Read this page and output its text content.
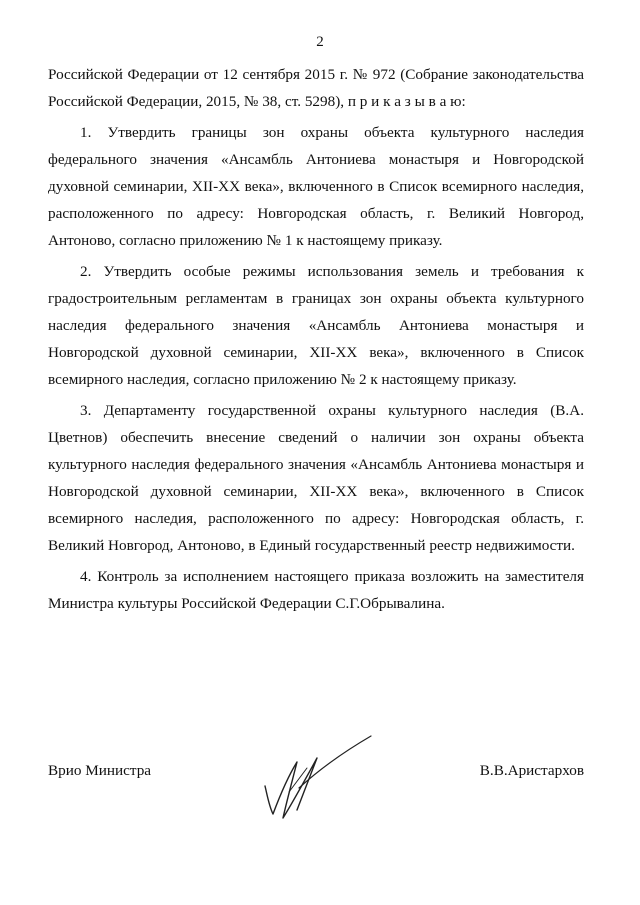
2

Российской Федерации от 12 сентября 2015 г. № 972 (Собрание законодательства Российской Федерации, 2015, № 38, ст. 5298), п р и к а з ы в а ю:

1. Утвердить границы зон охраны объекта культурного наследия федерального значения «Ансамбль Антониева монастыря и Новгородской духовной семинарии, XII-XX века», включенного в Список всемирного наследия, расположенного по адресу: Новгородская область, г. Великий Новгород, Антоново, согласно приложению № 1 к настоящему приказу.

2. Утвердить особые режимы использования земель и требования к градостроительным регламентам в границах зон охраны объекта культурного наследия федерального значения «Ансамбль Антониева монастыря и Новгородской духовной семинарии, XII-XX века», включенного в Список всемирного наследия, согласно приложению № 2 к настоящему приказу.

3. Департаменту государственной охраны культурного наследия (В.А. Цветнов) обеспечить внесение сведений о наличии зон охраны объекта культурного наследия федерального значения «Ансамбль Антониева монастыря и Новгородской духовной семинарии, XII-XX века», включенного в Список всемирного наследия, расположенного по адресу: Новгородская область, г. Великий Новгород, Антоново, в Единый государственный реестр недвижимости.

4. Контроль за исполнением настоящего приказа возложить на заместителя Министра культуры Российской Федерации С.Г.Обрывалина.

Врио Министра	В.В.Аристархов
